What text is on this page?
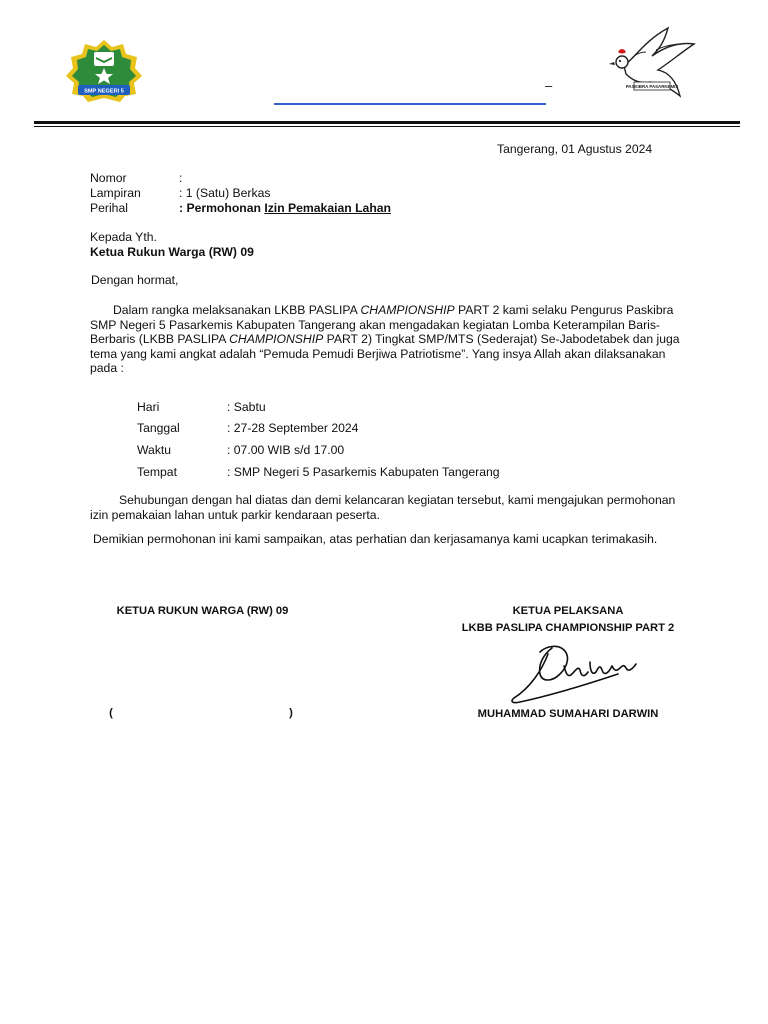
SMP NEGERI 5
PASKIBRA PASARKEMIS
–
Tangerang, 01 Agustus 2024
Nomor	:
Lampiran	: 1 (Satu) Berkas
Perihal	: Permohonan Izin Pemakaian Lahan
Kepada Yth.
Ketua Rukun Warga (RW) 09
Dengan hormat,
Dalam rangka melaksanakan LKBB PASLIPA CHAMPIONSHIP PART 2 kami selaku Pengurus Paskibra SMP Negeri 5 Pasarkemis Kabupaten Tangerang akan mengadakan kegiatan Lomba Keterampilan Baris-Berbaris (LKBB PASLIPA CHAMPIONSHIP PART 2) Tingkat SMP/MTS (Sederajat) Se-Jabodetabek dan juga tema yang kami angkat adalah “Pemuda Pemudi Berjiwa Patriotisme”. Yang insya Allah akan dilaksanakan pada :
Hari	: Sabtu
Tanggal	: 27-28 September 2024
Waktu	: 07.00 WIB s/d 17.00
Tempat	: SMP Negeri 5 Pasarkemis Kabupaten Tangerang
Sehubungan dengan hal diatas dan demi kelancaran kegiatan tersebut, kami mengajukan permohonan izin pemakaian lahan untuk parkir kendaraan peserta.
Demikian permohonan ini kami sampaikan, atas perhatian dan kerjasamanya kami ucapkan terimakasih.
KETUA RUKUN WARGA (RW) 09	KETUA PELAKSANA
LKBB PASLIPA CHAMPIONSHIP PART 2
(	)	MUHAMMAD SUMAHARI DARWIN
